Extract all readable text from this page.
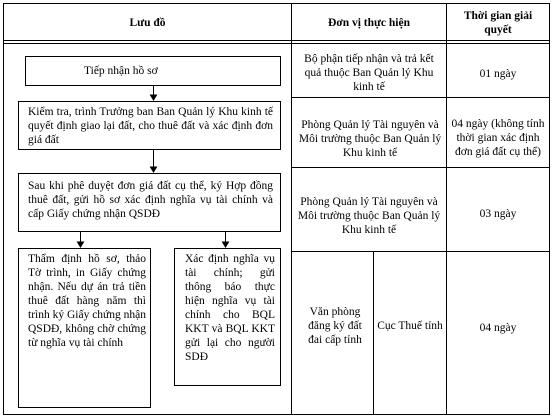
Lưu đồ	Đơn vị thực hiện
Thời gian giải quyết
Tiếp nhận hồ sơ
Kiểm tra, trình Trưởng ban Ban Quản lý Khu kinh tế quyết định giao lại đất, cho thuê đất và xác định đơn giá đất
Sau khi phê duyệt đơn giá đất cụ thể, ký Hợp đồng thuê đất, gửi hồ sơ xác định nghĩa vụ tài chính và cấp Giấy chứng nhận QSDĐ
Thẩm định hồ sơ, thảo Tờ trình, in Giấy chứng nhận. Nếu dự án trả tiền thuê đất hàng năm thì trình ký Giấy chứng nhận QSDĐ, không chờ chứng từ nghĩa vụ tài chính
Xác định nghĩa vụ tài chính; gửi thông báo thực hiện nghĩa vụ tài chính cho BQL KKT và BQL KKT gửi lại cho người SDĐ
Bộ phận tiếp nhận và trả kết quả thuộc Ban Quản lý Khu kinh tế
Phòng Quản lý Tài nguyên và Môi trường thuộc Ban Quản lý Khu kinh tế
Phòng Quản lý Tài nguyên và Môi trường thuộc Ban Quản lý Khu kinh tế
Văn phòng đăng ký đất đai cấp tỉnh
Cục Thuế tỉnh
01 ngày
04 ngày (không tính thời gian xác định đơn giá đất cụ thể)
03 ngày
04 ngày
